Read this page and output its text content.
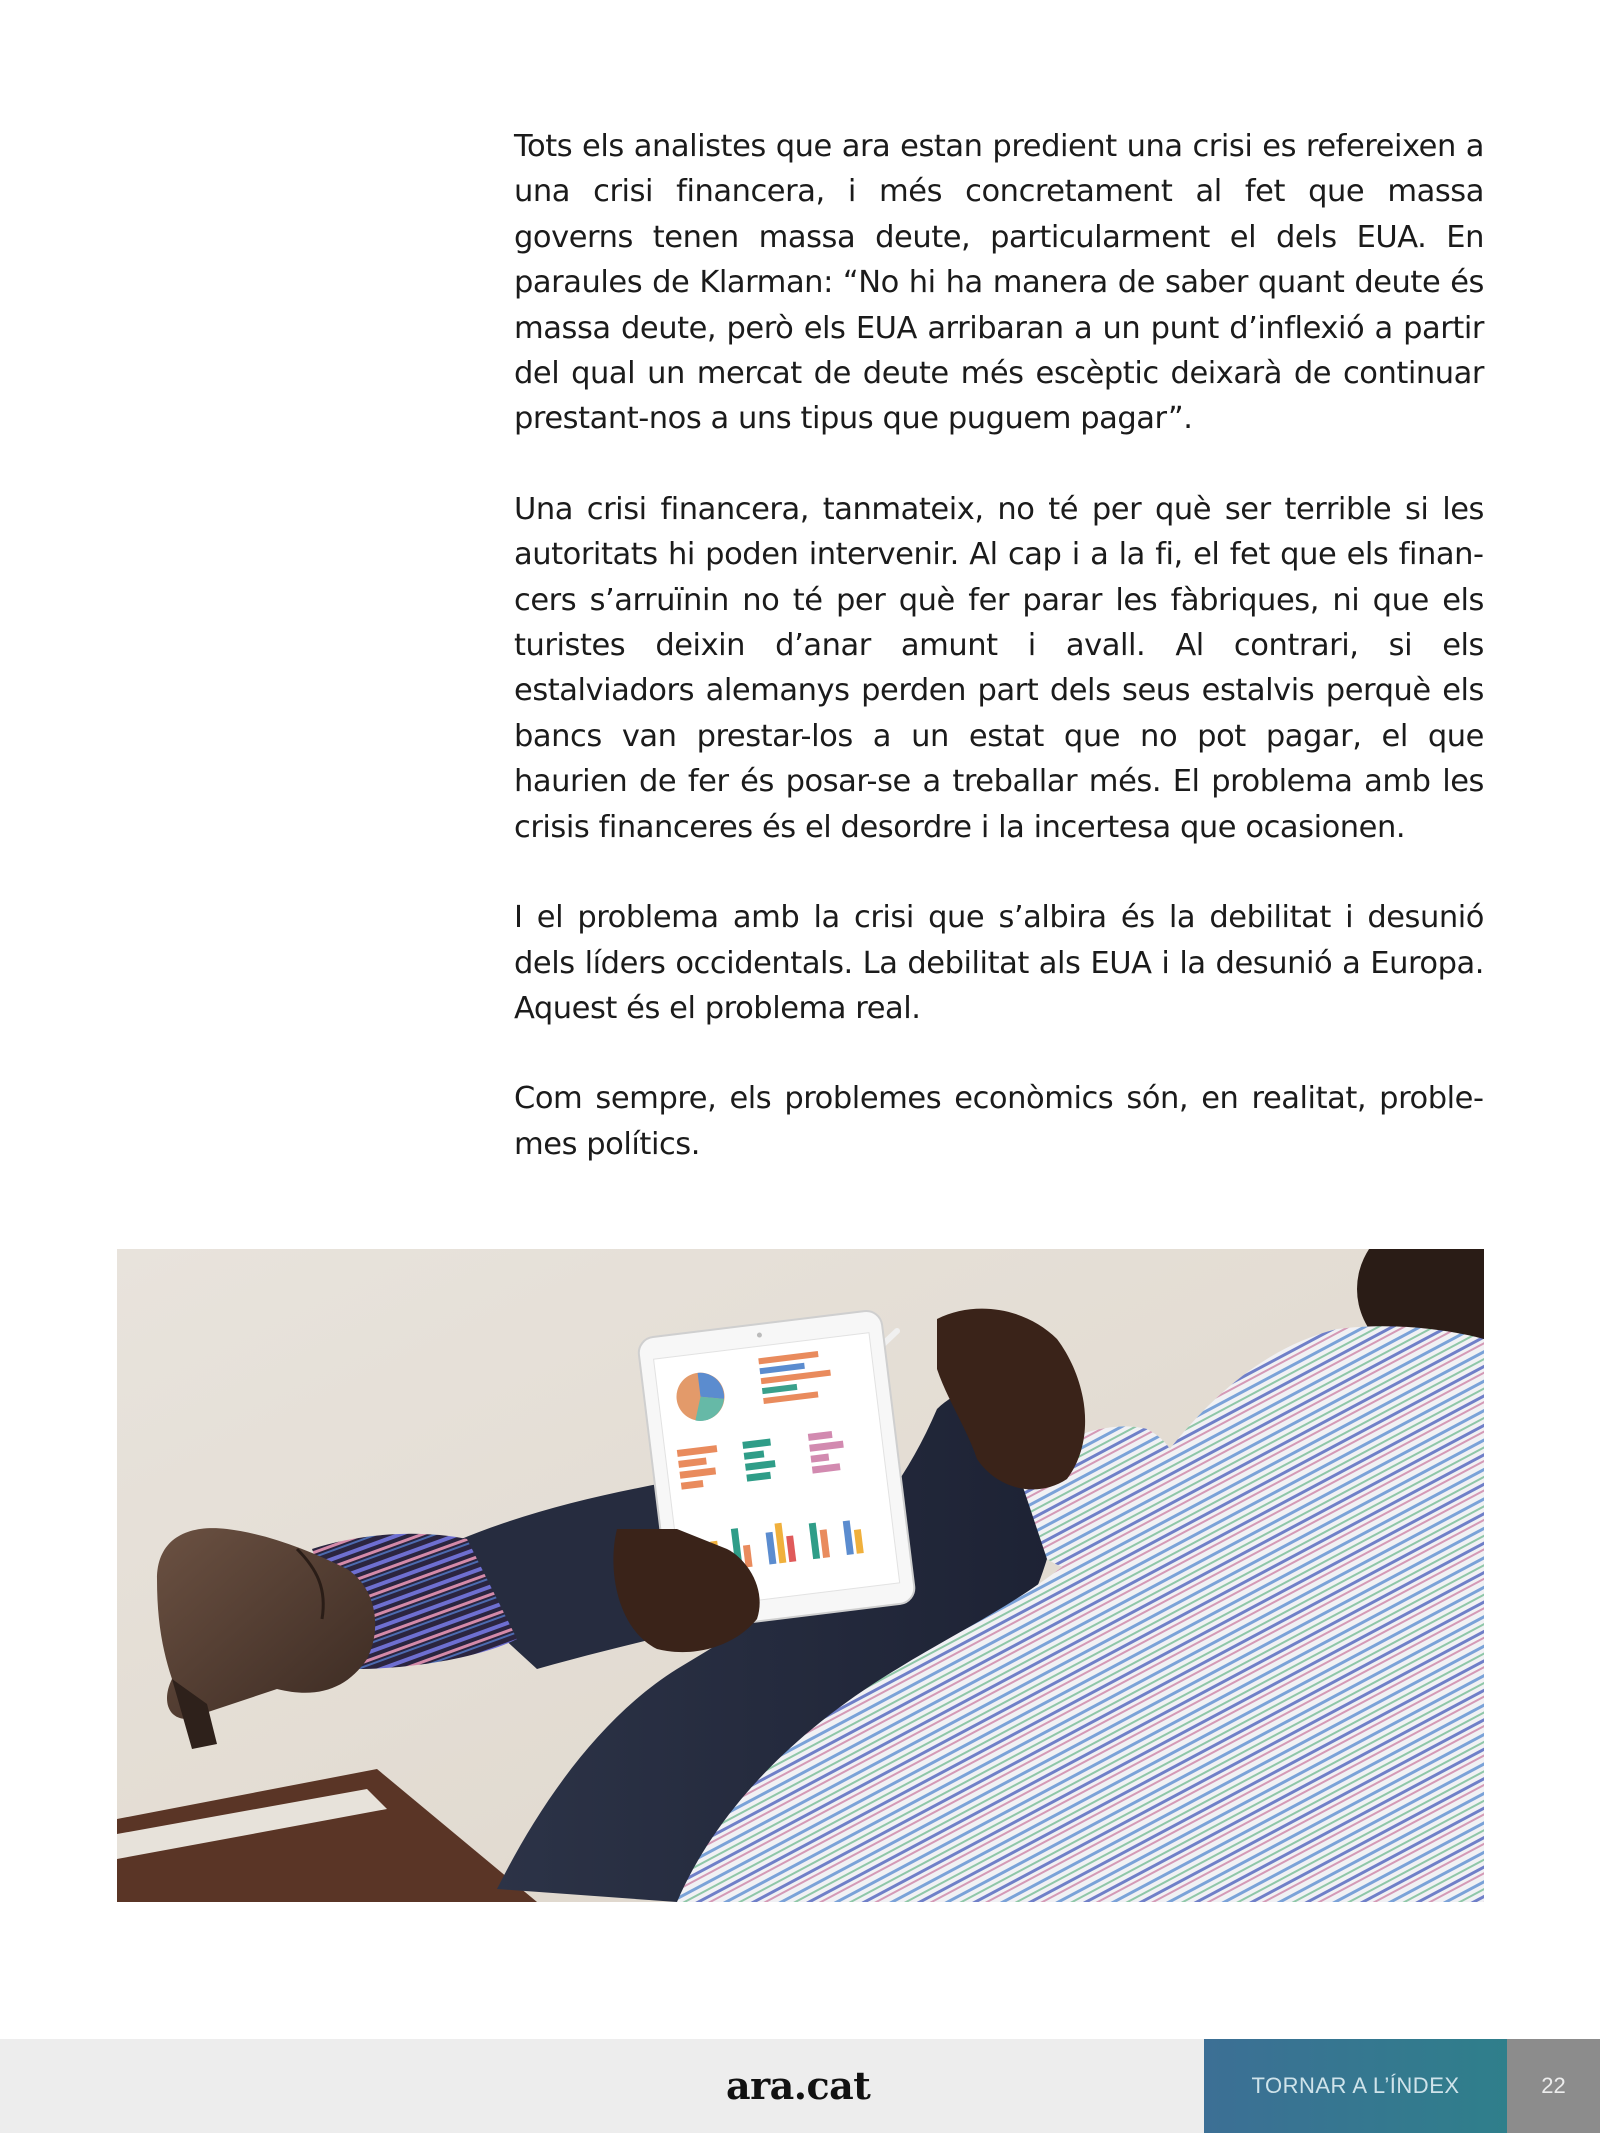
Tots els analistes que ara estan predient una crisi es refereixen a una crisi financera, i més concretament al fet que massa governs tenen massa deute, particularment el dels EUA. En paraules de Klarman: “No hi ha manera de saber quant deute és massa deute, però els EUA arribaran a un punt d’inflexió a partir del qual un mercat de deute més escèptic deixarà de continuar prestant-nos a uns tipus que puguem pagar”.

Una crisi financera, tanmateix, no té per què ser terrible si les autoritats hi poden intervenir. Al cap i a la fi, el fet que els financers s’arruïnin no té per què fer parar les fàbriques, ni que els turistes deixin d’anar amunt i avall. Al contrari, si els estalviadors alemanys perden part dels seus estalvis perquè els bancs van prestar-los a un estat que no pot pagar, el que haurien de fer és posar-se a treballar més. El problema amb les crisis financeres és el desordre i la incertesa que ocasionen.

I el problema amb la crisi que s’albira és la debilitat i desunió dels líders occidentals. La debilitat als EUA i la desunió a Europa. Aquest és el problema real.

Com sempre, els problemes econòmics són, en realitat, problemes polítics.

ara.cat	TORNAR A L’ÍNDEX	22
